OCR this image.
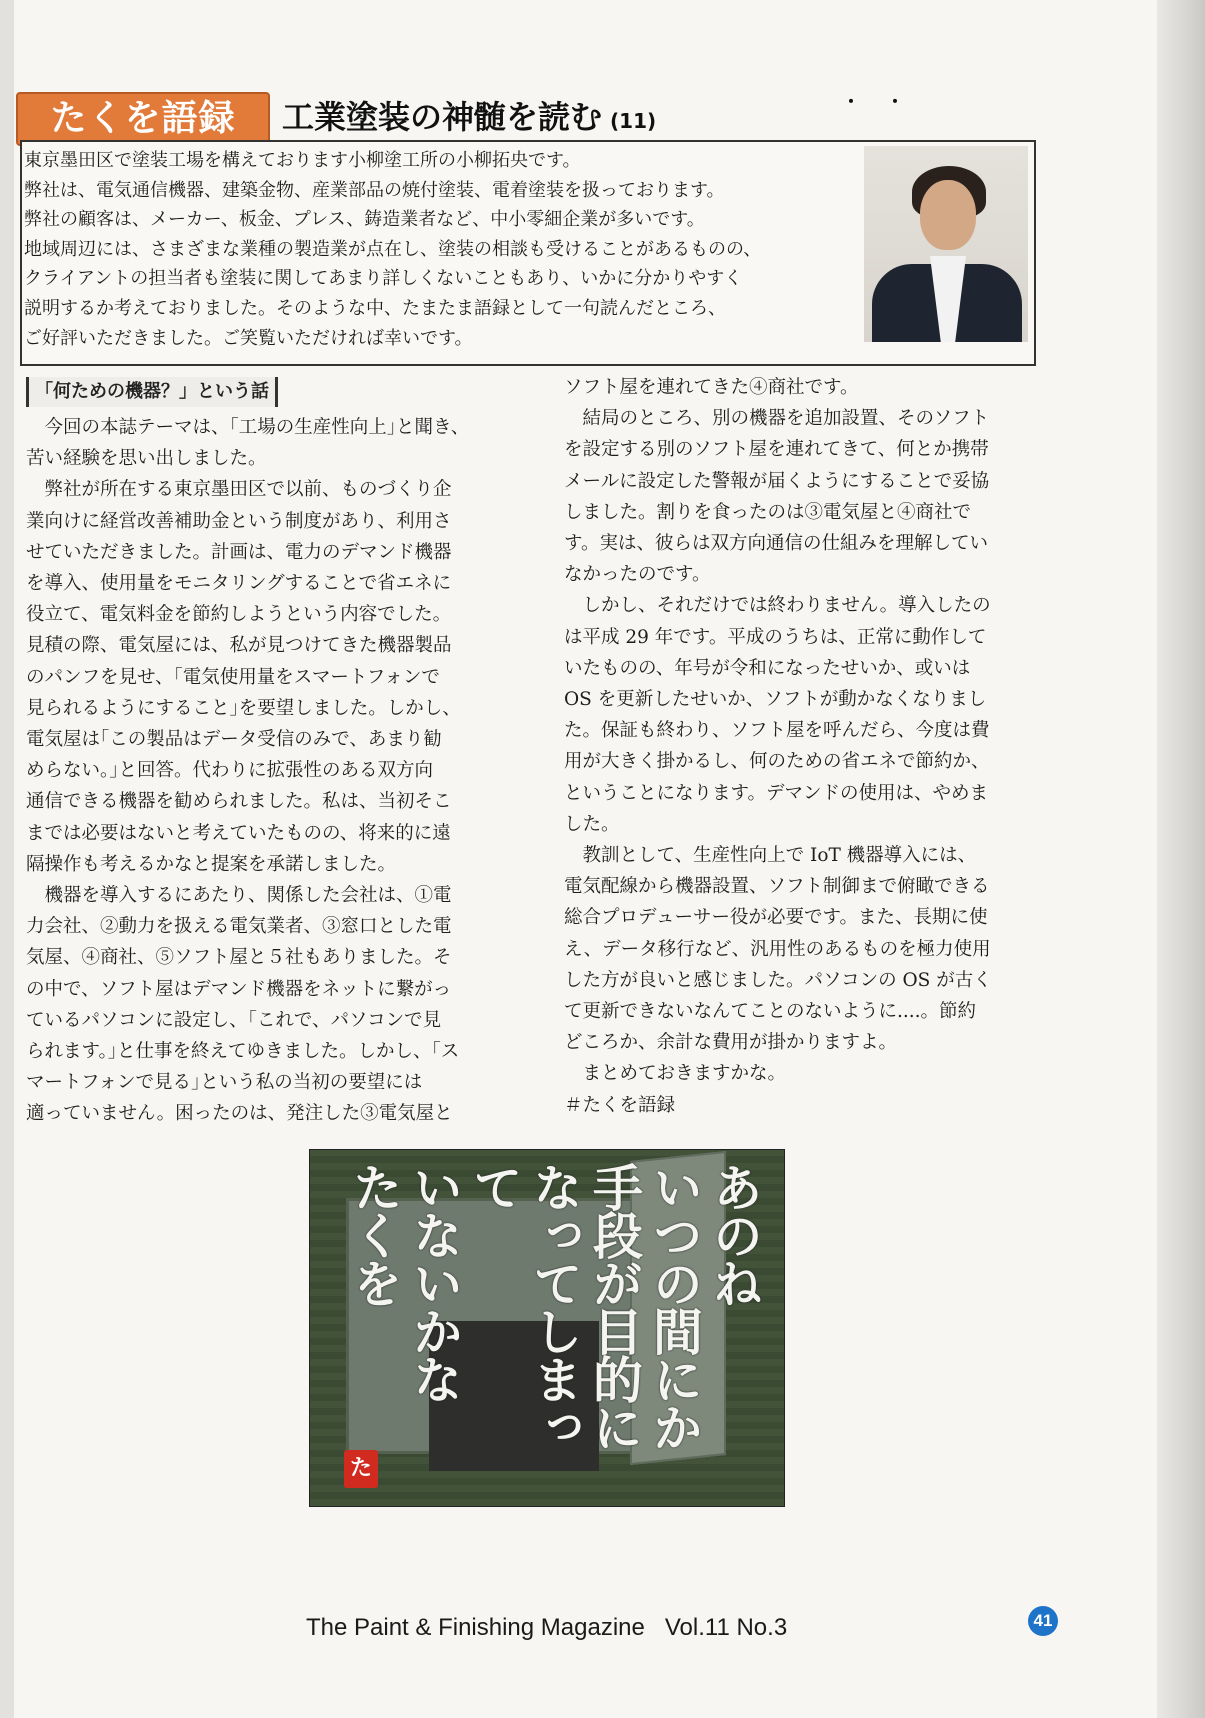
たくを語録	・・
工業塗装の神髄を読む (11)

東京墨田区で塗装工場を構えております小柳塗工所の小柳拓央です。

弊社は、電気通信機器、建築金物、産業部品の焼付塗装、電着塗装を扱っております。

弊社の顧客は、メーカー、板金、プレス、鋳造業者など、中小零細企業が多いです。

地域周辺には、さまざまな業種の製造業が点在し、塗装の相談も受けることがあるものの、

クライアントの担当者も塗装に関してあまり詳しくないこともあり、いかに分かりやすく

説明するか考えておりました。そのような中、たまたま語録として一句読んだところ、

ご好評いただきました。ご笑覧いただければ幸いです。

「何ための機器？」という話

　今回の本誌テーマは、｢工場の生産性向上｣と聞き、

苦い経験を思い出しました。

　弊社が所在する東京墨田区で以前、ものづくり企

業向けに経営改善補助金という制度があり、利用さ

せていただきました。計画は、電力のデマンド機器

を導入、使用量をモニタリングすることで省エネに

役立て、電気料金を節約しようという内容でした。

見積の際、電気屋には、私が見つけてきた機器製品

のパンフを見せ、｢電気使用量をスマートフォンで

見られるようにすること｣を要望しました。しかし、

電気屋は｢この製品はデータ受信のみで、あまり勧

めらない。｣と回答。代わりに拡張性のある双方向

通信できる機器を勧められました。私は、当初そこ

までは必要はないと考えていたものの、将来的に遠

隔操作も考えるかなと提案を承諾しました。

　機器を導入するにあたり、関係した会社は、①電

力会社、②動力を扱える電気業者、③窓口とした電

気屋、④商社、⑤ソフト屋と５社もありました。そ

の中で、ソフト屋はデマンド機器をネットに繋がっ

ているパソコンに設定し、｢これで、パソコンで見

られます。｣と仕事を終えてゆきました。しかし、｢ス

マートフォンで見る｣という私の当初の要望には

適っていません。困ったのは、発注した③電気屋と

ソフト屋を連れてきた④商社です。

　結局のところ、別の機器を追加設置、そのソフト

を設定する別のソフト屋を連れてきて、何とか携帯

メールに設定した警報が届くようにすることで妥協

しました。割りを食ったのは③電気屋と④商社で

す。実は、彼らは双方向通信の仕組みを理解してい

なかったのです。

　しかし、それだけでは終わりません。導入したの

は平成 29 年です。平成のうちは、正常に動作して

いたものの、年号が令和になったせいか、或いは

OS を更新したせいか、ソフトが動かなくなりまし

た。保証も終わり、ソフト屋を呼んだら、今度は費

用が大きく掛かるし、何のための省エネで節約か、

ということになります。デマンドの使用は、やめま

した。

　教訓として、生産性向上で IoT 機器導入には、

電気配線から機器設置、ソフト制御まで俯瞰できる

総合プロデューサー役が必要です。また、長期に使

え、データ移行など、汎用性のあるものを極力使用

した方が良いと感じました。パソコンの OS が古く

て更新できないなんてことのないように....。節約

どころか、余計な費用が掛かりますよ。

　まとめておきますかな。

＃たくを語録

あのね
いつの間にか
手段が目的に
なってしまって
いないかな
たくを
た
The Paint & Finishing Magazine Vol.11 No.3	41
